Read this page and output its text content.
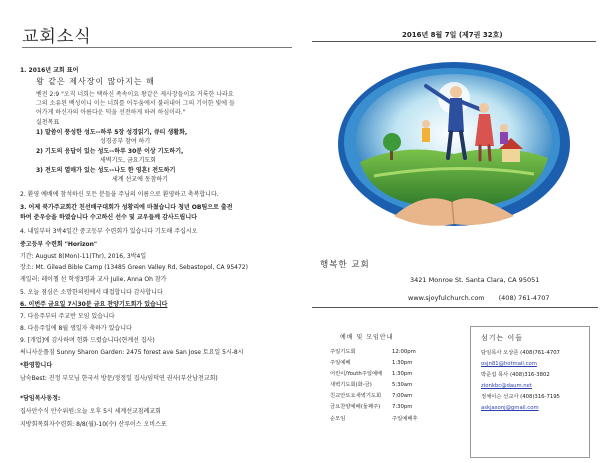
교회소식
1. 2016년 교회 표어
왕 같은 제사장이 많아지는 해
벧전 2:9 "오직 너희는 택하신 족속이요 왕같은 제사장들이요 거룩한 나라요
그의 소유된 백성이니 이는 너희를 어두움에서 불러내어 그의 기이한 빛에 들
어가게 하신자의 아름다운 덕을 선전하게 하려 하심이라."
실천목표
1) 말씀이 풍성한 성도--하루 5장 성경읽기, 큐티 생활화,
성경공부 참여 하기
2) 기도의 응답이 있는 성도--하루 30분 이상 기도하기,
새벽기도, 금요기도회
3) 전도의 열매가 있는 성도--나도 한 영혼! 전도하기
세계 선교에 동참하기
2. 환영 예배에 참석하신 모든 분들을 주님의 이름으로 환영하고 축복합니다.
3. 어제 북가주교회간 친선배구대회가 성황리에 마쳤습니다 청년 OB팀으로 출전
하여 준우승을 하였습니다 수고하신 선수 및 교우들께 감사드립니다
4. 내일부터 3박4일간 중고등부 수련회가 있습니다 기도해 주십시오
중고등부 수련회 "Horizon"
기간: August 8(Mon)-11(Thr), 2016, 3박4일
장소: Mt. Gilead Bible Camp (13485 Green Valley Rd, Sebastopol, CA 95472)
게일러: 레이첼 선 학생3명과 교사 Julie, Anna Oh 참가
5. 오늘 점심은 소망한의원에서 대접합니다 감사합니다
6. 이번주 금요일 7시30분 금요 찬양기도회가 있습니다
7. 다음주부터 주교반 모임 있습니다
8. 다음주일에 8월 생일자 축하가 있습니다
9. [개업]에 감사하며 헌화 드렸습니다(현계선 집사)
써니사운플짐 Sunny Sharon Garden: 2475 forest ave San Jose 토요일 5시-8시
*환영합니다
남숙Best: 진정 부모님 한국서 방문/정정일 집사/임덕연 권사(부산남천교회)
*담임목사동정:
집사안수식 안수위원:오늘 오후 5시 세계선교침례교회
지방회목회자수련회: 8/8(월)-10(수) 산루이스 오비스포
2016년 8월 7일 (제7권 32호)
행복한 교회
3421 Monroe St. Santa Clara, CA 95051
www.sjoyfulchurch.com (408) 761-4707
예배 및 모임안내
주일기도회	12:00pm
주일예배	1:30pm
어린이/Youth주일예배	1:30pm
새벽기도회(화-금)	5:30am
친교안토요새벽기도회	7:00am
금요찬양예배(둘째주)	7:30pm
순모임	주일예배후
섬기는 이들
담임목사 오상준 (408)761-4707
osjn81@hotmail.com
박준섭 목사 (408)316-3802
zionkbc@daum.net
정체이슨 선교사 (408)316-7195
askjasonj@gmail.com
